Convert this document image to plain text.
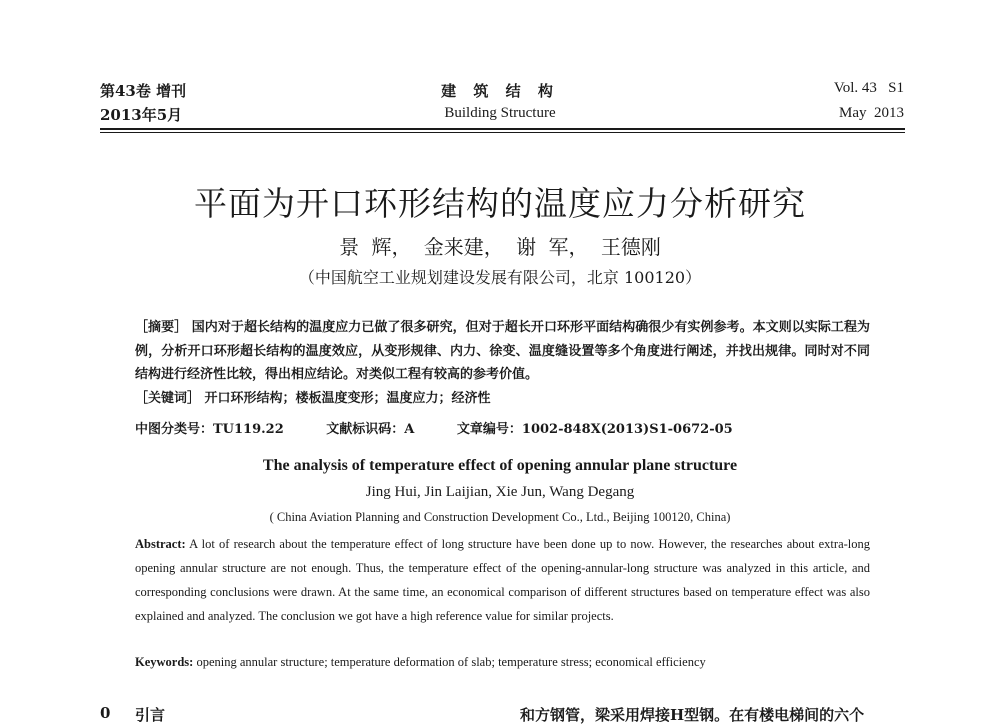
第43卷 增刊
2013年5月
建 筑 结 构
Building Structure
Vol. 43   S1
May  2013
平面为开口环形结构的温度应力分析研究
景 辉， 金来建， 谢 军， 王德刚
（中国航空工业规划建设发展有限公司，北京 100120）
［摘要］ 国内对于超长结构的温度应力已做了很多研究，但对于超长开口环形平面结构确很少有实例参考。本文则以实际工程为例，分析开口环形超长结构的温度效应，从变形规律、内力、徐变、温度缝设置等多个角度进行阐述，并找出规律。同时对不同结构进行经济性比较，得出相应结论。对类似工程有较高的参考价值。
［关键词］ 开口环形结构；楼板温度变形；温度应力；经济性
中图分类号：TU119.22	文献标识码：A	文章编号：1002-848X(2013)S1-0672-05
The analysis of temperature effect of opening annular plane structure
Jing Hui, Jin Laijian, Xie Jun, Wang Degang
( China Aviation Planning and Construction Development Co., Ltd., Beijing 100120, China)
Abstract: A lot of research about the temperature effect of long structure have been done up to now. However, the researches about extra-long opening annular structure are not enough. Thus, the temperature effect of the opening-annular-long structure was analyzed in this article, and corresponding conclusions were drawn. At the same time, an economical comparison of different structures based on temperature effect was also explained and analyzed. The conclusion we got have a high reference value for similar projects.
Keywords: opening annular structure; temperature deformation of slab; temperature stress; economical efficiency
0 引言	和方钢管，梁采用焊接H型钢。在有楼电梯间的六个
